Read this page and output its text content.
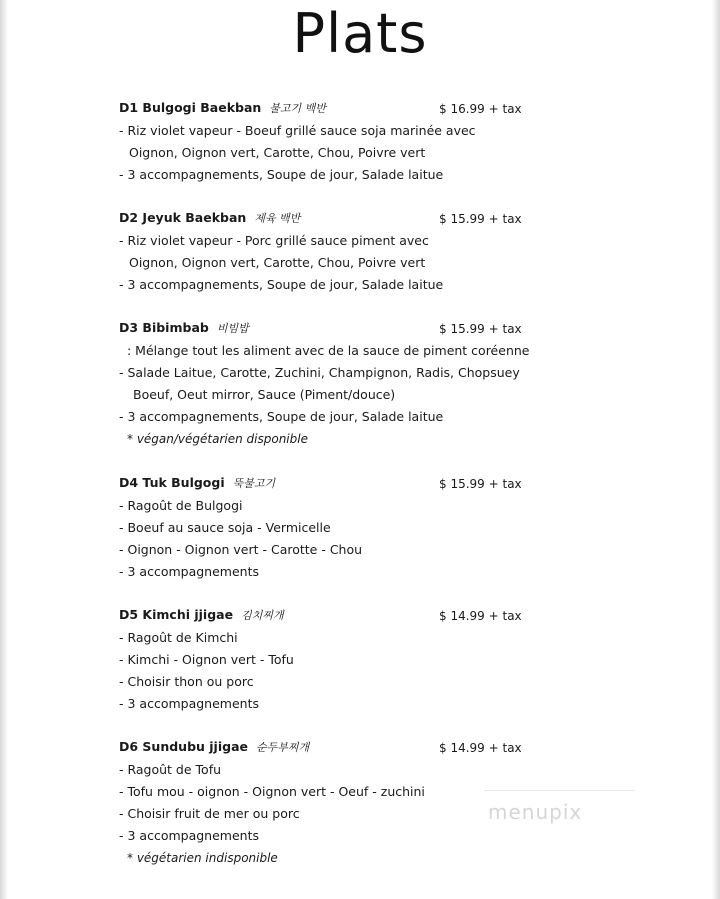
Plats
D1 Bulgogi Baekban 불고기 백반	$ 16.99 + tax
- Riz violet vapeur - Boeuf grillé sauce soja marinée avec
Oignon, Oignon vert, Carotte, Chou, Poivre vert
- 3 accompagnements, Soupe de jour, Salade laitue
D2 Jeyuk Baekban 제육 백반	$ 15.99 + tax
- Riz violet vapeur - Porc grillé sauce piment avec
Oignon, Oignon vert, Carotte, Chou, Poivre vert
- 3 accompagnements, Soupe de jour, Salade laitue
D3 Bibimbab 비빔밥	$ 15.99 + tax
: Mélange tout les aliment avec de la sauce de piment coréenne
- Salade Laitue, Carotte, Zuchini, Champignon, Radis, Chopsuey
Boeuf, Oeut mirror, Sauce (Piment/douce)
- 3 accompagnements, Soupe de jour, Salade laitue
* végan/végétarien disponible
D4 Tuk Bulgogi 뚝불고기	$ 15.99 + tax
- Ragoût de Bulgogi
- Boeuf au sauce soja - Vermicelle
- Oignon - Oignon vert - Carotte - Chou
- 3 accompagnements
D5 Kimchi jjigae 김치찌개	$ 14.99 + tax
- Ragoût de Kimchi
- Kimchi - Oignon vert - Tofu
- Choisir thon ou porc
- 3 accompagnements
D6 Sundubu jjigae 순두부찌개	$ 14.99 + tax
- Ragoût de Tofu
- Tofu mou - oignon - Oignon vert - Oeuf - zuchini
- Choisir fruit de mer ou porc
- 3 accompagnements
* végétarien indisponible
menupix
